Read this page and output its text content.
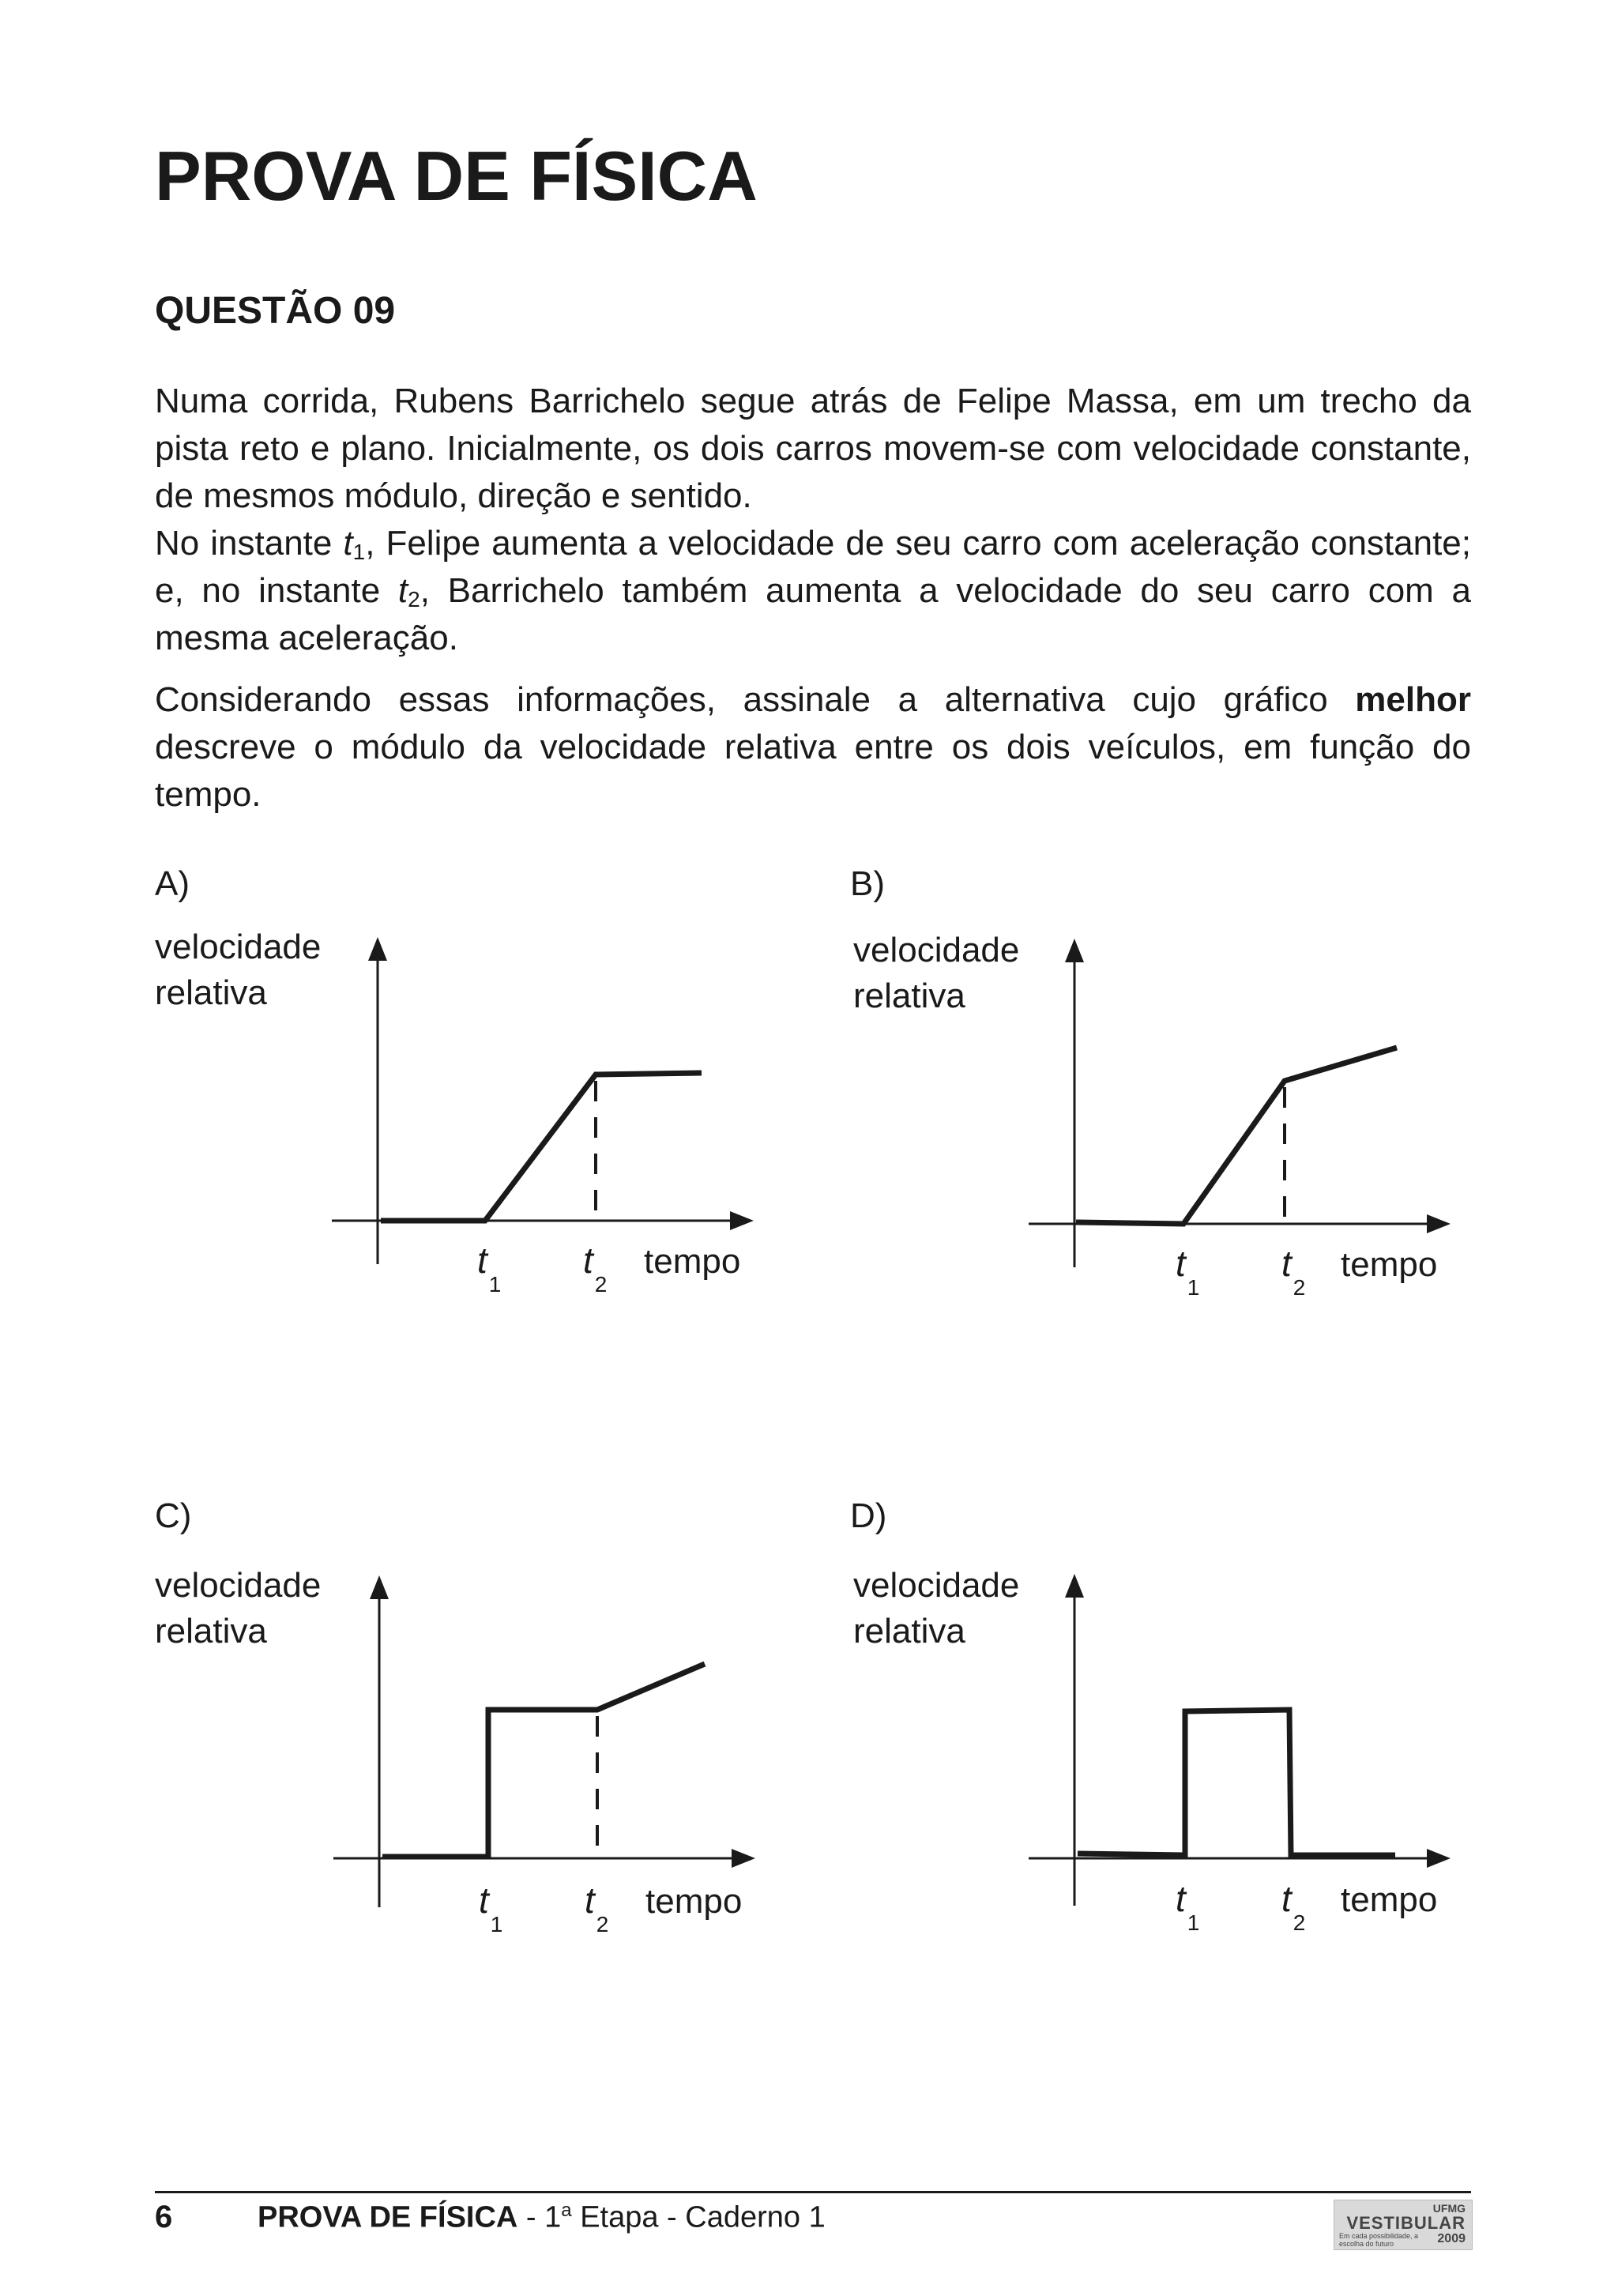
PROVA DE FÍSICA
QUESTÃO 09

Numa corrida, Rubens Barrichelo segue atrás de Felipe Massa, em um trecho da pista reto e plano. Inicialmente, os dois carros movem-se com velocidade constante, de mesmos módulo, direção e sentido.

No instante $t_1$, Felipe aumenta a velocidade de seu carro com aceleração constante; e, no instante $t_2$, Barrichelo também aumenta a velocidade do seu carro com a mesma aceleração.

Considerando essas informações, assinale a alternativa cujo gráfico melhor descreve o módulo da velocidade relativa entre os dois veículos, em função do tempo.

A)
velocidade
relativa
$t_1$
$t_2$
tempo
B)
velocidade
relativa
$t_1$
$t_2$
tempo
C)
velocidade
relativa
$t_1$
$t_2$
tempo
D)
velocidade
relativa
$t_1$
$t_2$
tempo
6	PROVA DE FÍSICA - 1$^a$ Etapa - Caderno 1	UFMG
VESTIBULAR
Em cada possibilidade, a escolha do futuro	2009
